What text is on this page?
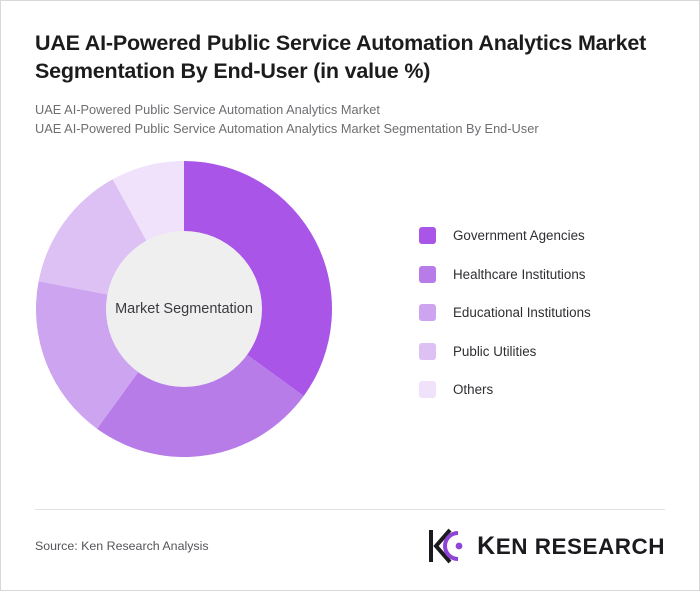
UAE AI-Powered Public Service Automation Analytics Market Segmentation By End-User (in value %)
UAE AI-Powered Public Service Automation Analytics Market
UAE AI-Powered Public Service Automation Analytics Market Segmentation By End-User
Market Segmentation
Government Agencies
Healthcare Institutions
Educational Institutions
Public Utilities
Others
Source: Ken Research Analysis	KEN RESEARCH
